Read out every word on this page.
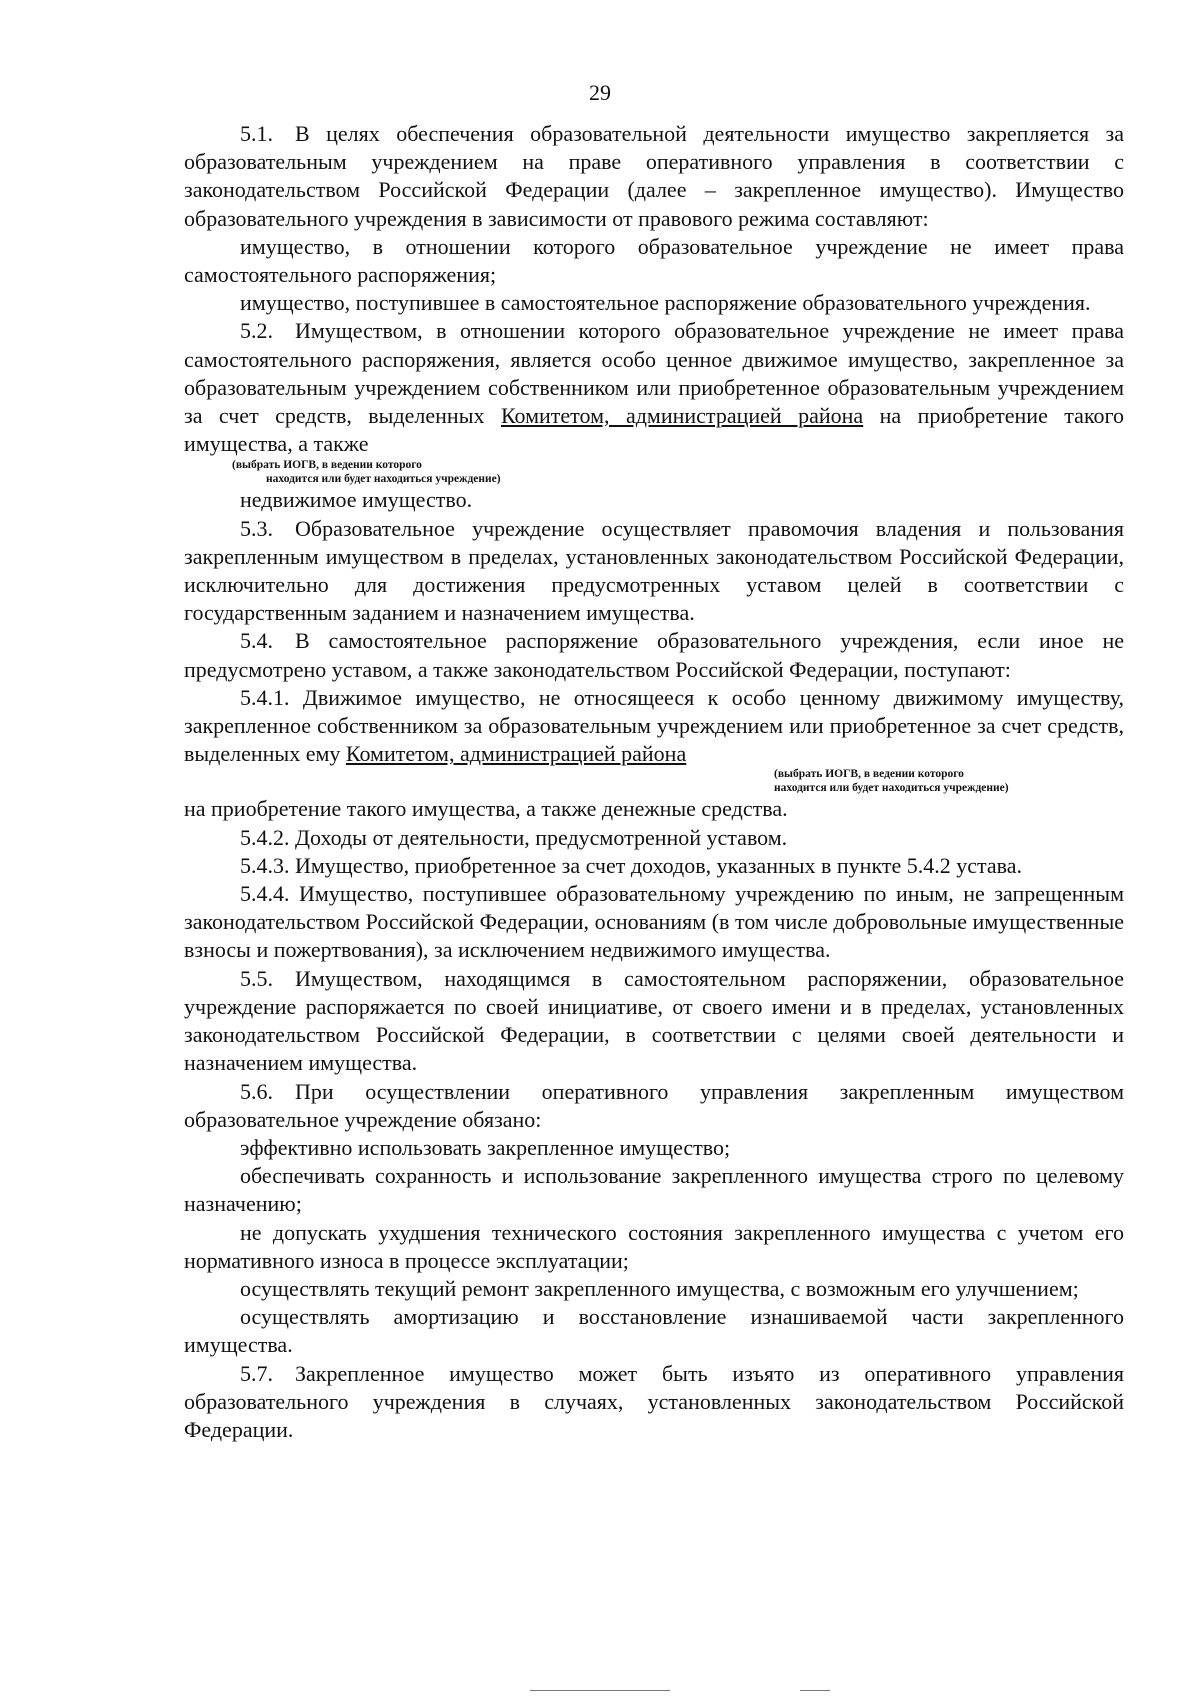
29

5.1. В целях обеспечения образовательной деятельности имущество закрепляется за образовательным учреждением на праве оперативного управления в соответствии с законодательством Российской Федерации (далее – закрепленное имущество). Имущество образовательного учреждения в зависимости от правового режима составляют:

имущество, в отношении которого образовательное учреждение не имеет права самостоятельного распоряжения;

имущество, поступившее в самостоятельное распоряжение образовательного учреждения.

5.2. Имуществом, в отношении которого образовательное учреждение не имеет права самостоятельного распоряжения, является особо ценное движимое имущество, закрепленное за образовательным учреждением собственником или приобретенное образовательным учреждением за счет средств, выделенных Комитетом, администрацией района на приобретение такого имущества, а также

(выбрать ИОГВ, в ведении которого
находится или будет находиться учреждение)

недвижимое имущество.

5.3. Образовательное учреждение осуществляет правомочия владения и пользования закрепленным имуществом в пределах, установленных законодательством Российской Федерации, исключительно для достижения предусмотренных уставом целей в соответствии с государственным заданием и назначением имущества.

5.4. В самостоятельное распоряжение образовательного учреждения, если иное не предусмотрено уставом, а также законодательством Российской Федерации, поступают:

5.4.1. Движимое имущество, не относящееся к особо ценному движимому имуществу, закрепленное собственником за образовательным учреждением или приобретенное за счет средств, выделенных ему Комитетом, администрацией района

(выбрать ИОГВ, в ведении которого
находится или будет находиться учреждение)

на приобретение такого имущества, а также денежные средства.

5.4.2. Доходы от деятельности, предусмотренной уставом.

5.4.3. Имущество, приобретенное за счет доходов, указанных в пункте 5.4.2 устава.

5.4.4. Имущество, поступившее образовательному учреждению по иным, не запрещенным законодательством Российской Федерации, основаниям (в том числе добровольные имущественные взносы и пожертвования), за исключением недвижимого имущества.

5.5. Имуществом, находящимся в самостоятельном распоряжении, образовательное учреждение распоряжается по своей инициативе, от своего имени и в пределах, установленных законодательством Российской Федерации, в соответствии с целями своей деятельности и назначением имущества.

5.6. При осуществлении оперативного управления закрепленным имуществом образовательное учреждение обязано:

эффективно использовать закрепленное имущество;

обеспечивать сохранность и использование закрепленного имущества строго по целевому назначению;

не допускать ухудшения технического состояния закрепленного имущества с учетом его нормативного износа в процессе эксплуатации;

осуществлять текущий ремонт закрепленного имущества, с возможным его улучшением;

осуществлять амортизацию и восстановление изнашиваемой части закрепленного имущества.

5.7. Закрепленное имущество может быть изъято из оперативного управления образовательного учреждения в случаях, установленных законодательством Российской Федерации.
